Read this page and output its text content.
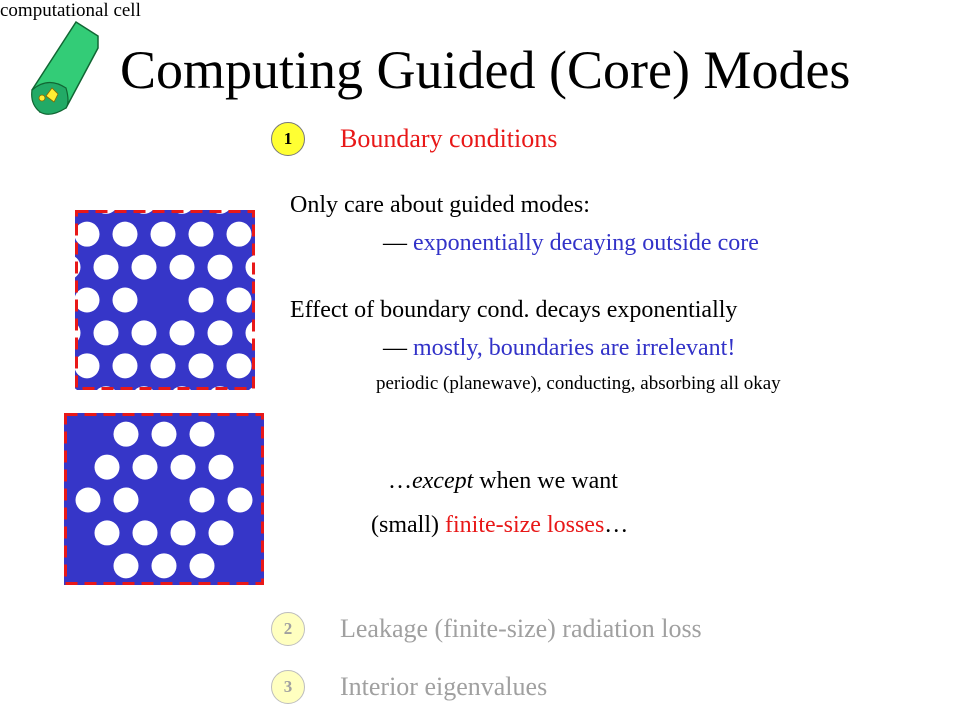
Computing Guided (Core) Modes
1	Boundary conditions
computational cell
Only care about guided modes:
— exponentially decaying outside core
Effect of boundary cond. decays exponentially
— mostly, boundaries are irrelevant!
periodic (planewave), conducting, absorbing all okay
…except when we want
(small) finite-size losses…
2	Leakage (finite-size) radiation loss
3	Interior eigenvalues
